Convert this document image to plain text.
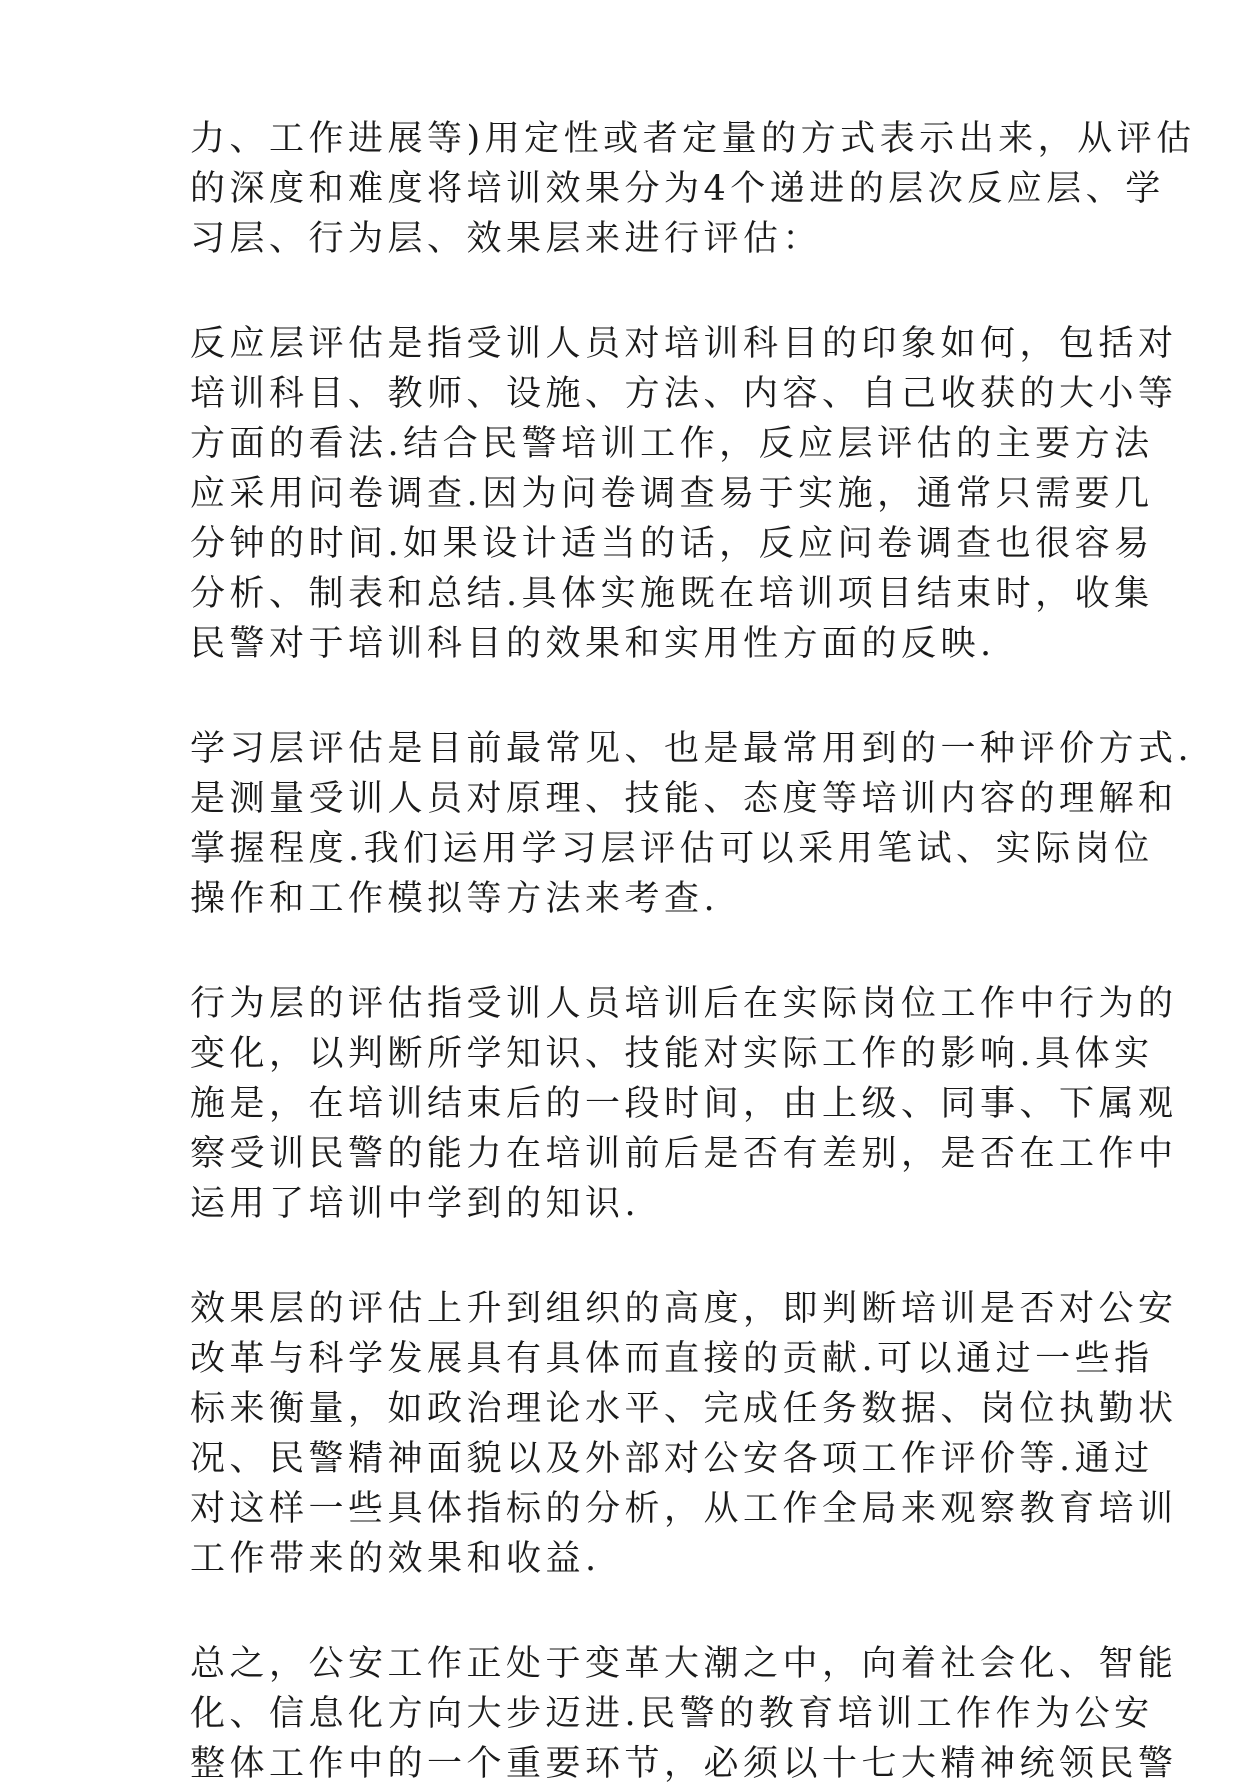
力、工作进展等)用定性或者定量的方式表示出来，从评估
的深度和难度将培训效果分为4个递进的层次反应层、学
习层、行为层、效果层来进行评估：

反应层评估是指受训人员对培训科目的印象如何，包括对
培训科目、教师、设施、方法、内容、自己收获的大小等
方面的看法.结合民警培训工作，反应层评估的主要方法
应采用问卷调查.因为问卷调查易于实施，通常只需要几
分钟的时间.如果设计适当的话，反应问卷调查也很容易
分析、制表和总结.具体实施既在培训项目结束时，收集
民警对于培训科目的效果和实用性方面的反映.

学习层评估是目前最常见、也是最常用到的一种评价方式.
是测量受训人员对原理、技能、态度等培训内容的理解和
掌握程度.我们运用学习层评估可以采用笔试、实际岗位
操作和工作模拟等方法来考查.

行为层的评估指受训人员培训后在实际岗位工作中行为的
变化，以判断所学知识、技能对实际工作的影响.具体实
施是，在培训结束后的一段时间，由上级、同事、下属观
察受训民警的能力在培训前后是否有差别，是否在工作中
运用了培训中学到的知识.

效果层的评估上升到组织的高度，即判断培训是否对公安
改革与科学发展具有具体而直接的贡献.可以通过一些指
标来衡量，如政治理论水平、完成任务数据、岗位执勤状
况、民警精神面貌以及外部对公安各项工作评价等.通过
对这样一些具体指标的分析，从工作全局来观察教育培训
工作带来的效果和收益.

总之，公安工作正处于变革大潮之中，向着社会化、智能
化、信息化方向大步迈进.民警的教育培训工作作为公安
整体工作中的一个重要环节，必须以十七大精神统领民警
